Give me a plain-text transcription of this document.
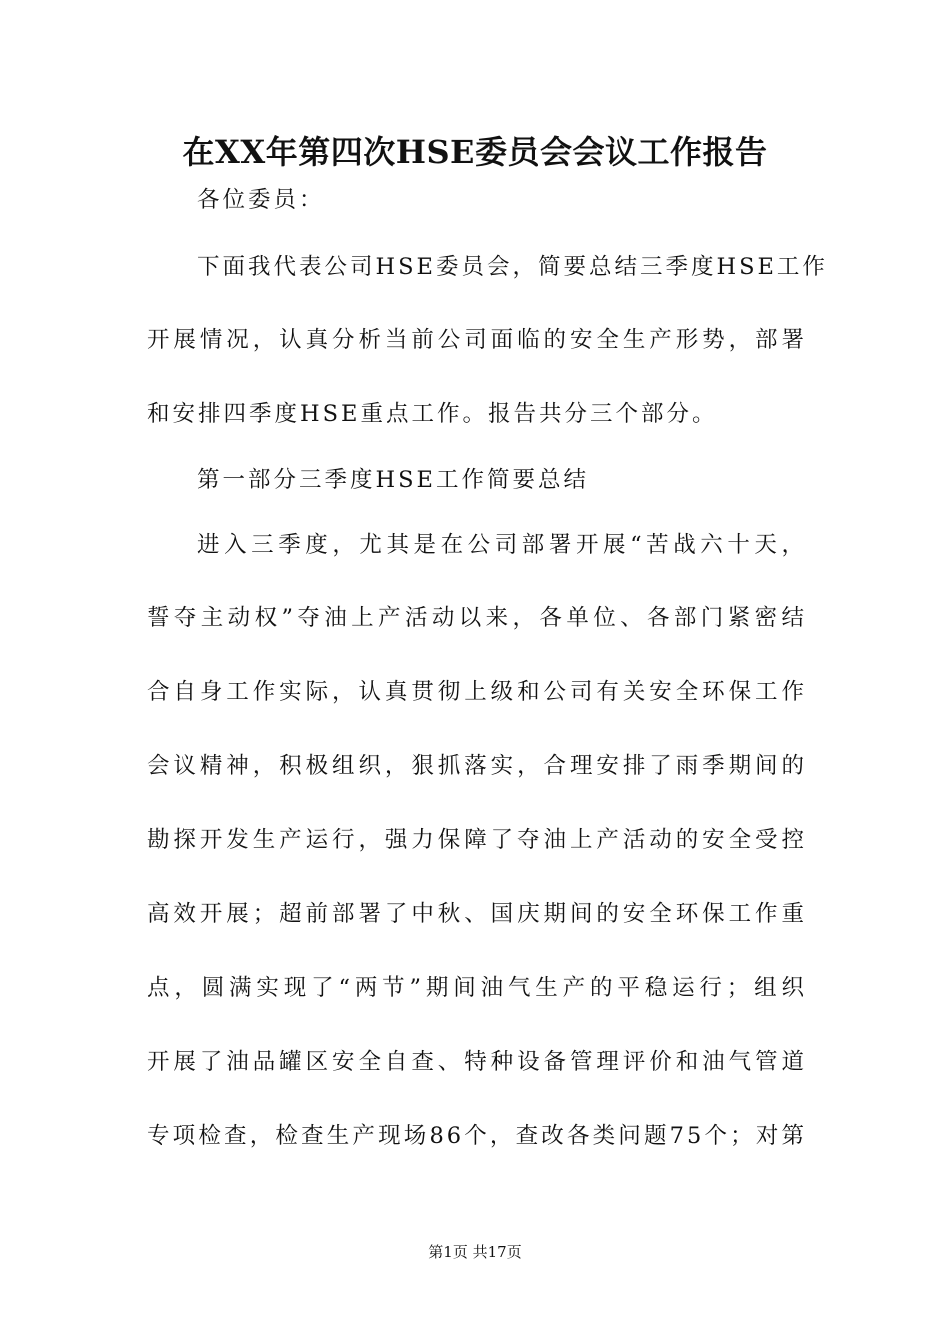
在XX年第四次HSE委员会会议工作报告
各位委员：
下面我代表公司HSE委员会，简要总结三季度HSE工作
开展情况，认真分析当前公司面临的安全生产形势，部署
和安排四季度HSE重点工作。报告共分三个部分。
第一部分三季度HSE工作简要总结
进入三季度，尤其是在公司部署开展“苦战六十天，
誓夺主动权”夺油上产活动以来，各单位、各部门紧密结
合自身工作实际，认真贯彻上级和公司有关安全环保工作
会议精神，积极组织，狠抓落实，合理安排了雨季期间的
勘探开发生产运行，强力保障了夺油上产活动的安全受控
高效开展；超前部署了中秋、国庆期间的安全环保工作重
点，圆满实现了“两节”期间油气生产的平稳运行；组织
开展了油品罐区安全自查、特种设备管理评价和油气管道
专项检查，检查生产现场86个，查改各类问题75个；对第
第1页 共17页
